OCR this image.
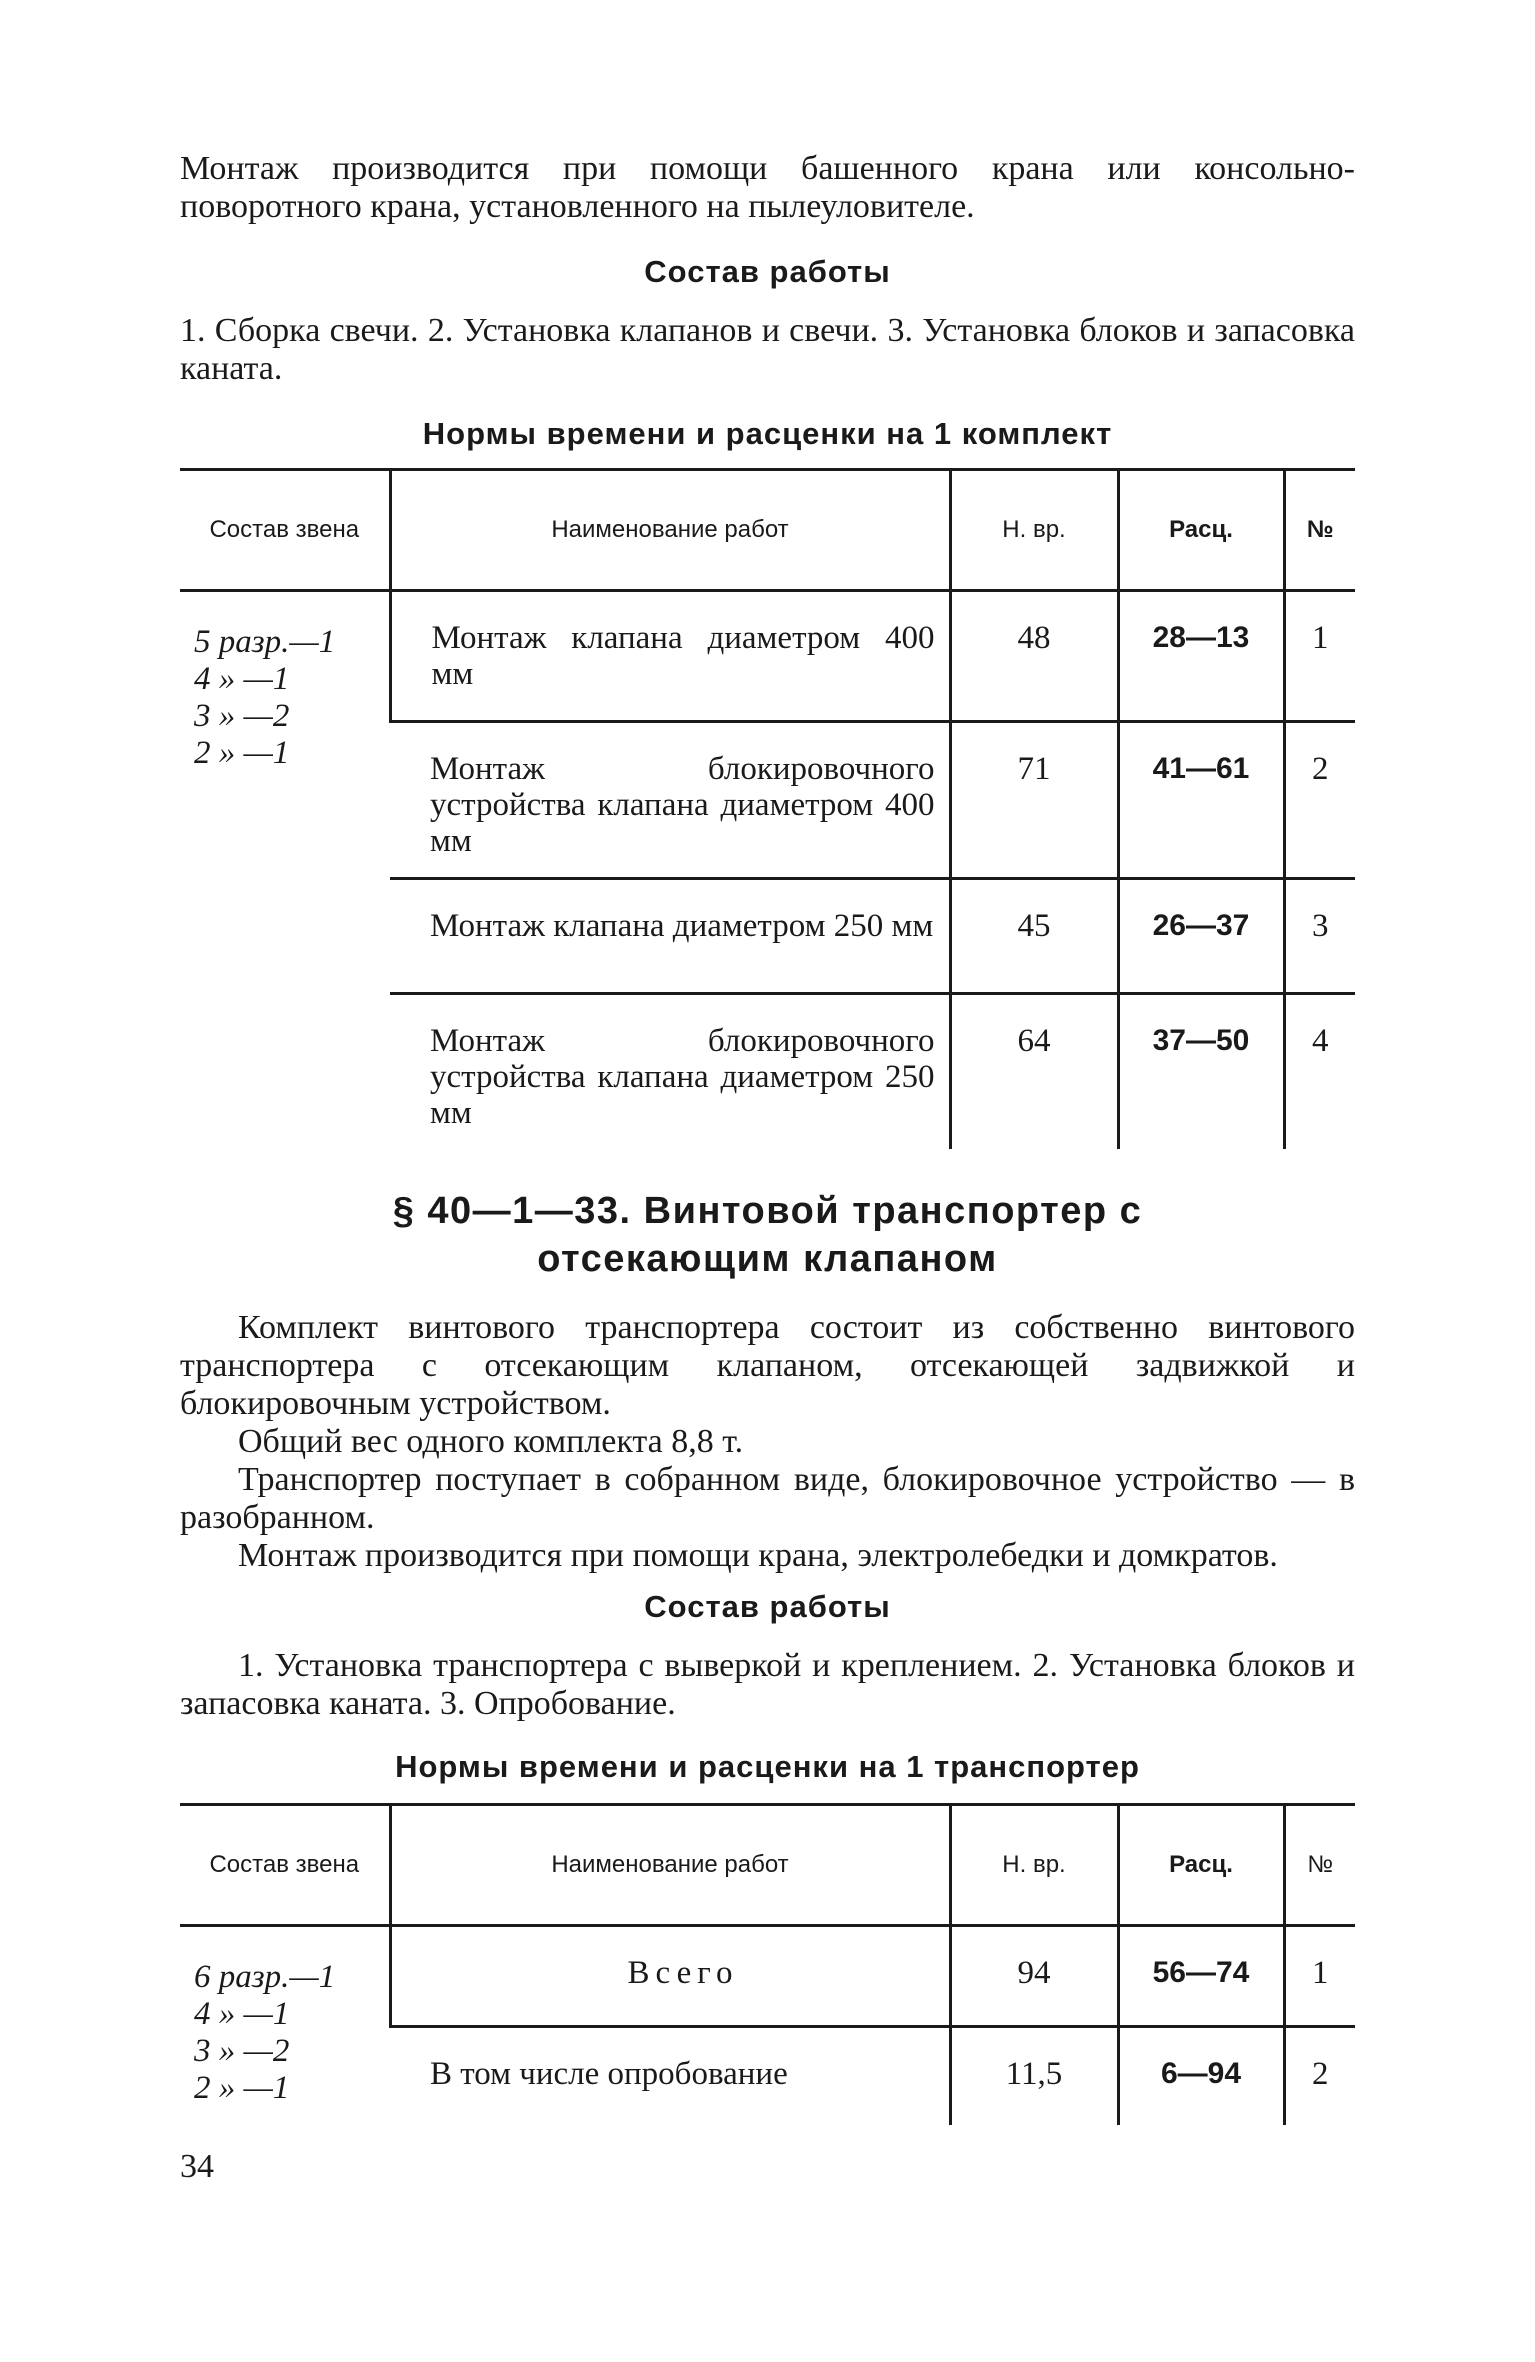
Монтаж производится при помощи башенного крана или консольно-поворотного крана, установленного на пылеуловителе.

Состав работы

1. Сборка свечи. 2. Установка клапанов и свечи. 3. Установка блоков и запасовка каната.

Нормы времени и расценки на 1 комплект
Состав звена	Наименование работ	Н. вр.	Расц.	№

5 разр.—1
4 » —1
3 » —2
2 » —1	Монтаж клапана диаметром 400 мм	48	28—13	1
	Монтаж блокировочного устройства клапана диаметром 400 мм	71	41—61	2
	Монтаж клапана диаметром 250 мм	45	26—37	3
	Монтаж блокировочного устройства клапана диаметром 250 мм	64	37—50	4
§ 40—1—33. Винтовой транспортер с отсекающим клапаном

Комплект винтового транспортера состоит из собственно винтового транспортера с отсекающим клапаном, отсекающей задвижкой и блокировочным устройством.

Общий вес одного комплекта 8,8 т.

Транспортер поступает в собранном виде, блокировочное устройство — в разобранном.

Монтаж производится при помощи крана, электролебедки и домкратов.

Состав работы

1. Установка транспортера с выверкой и креплением. 2. Установка блоков и запасовка каната. 3. Опробование.

Нормы времени и расценки на 1 транспортер
Состав звена	Наименование работ	Н. вр.	Расц.	№

6 разр.—1
4 » —1
3 » —2
2 » —1	Всего	94	56—74	1
	В том числе опробование	11,5	6—94	2
34
